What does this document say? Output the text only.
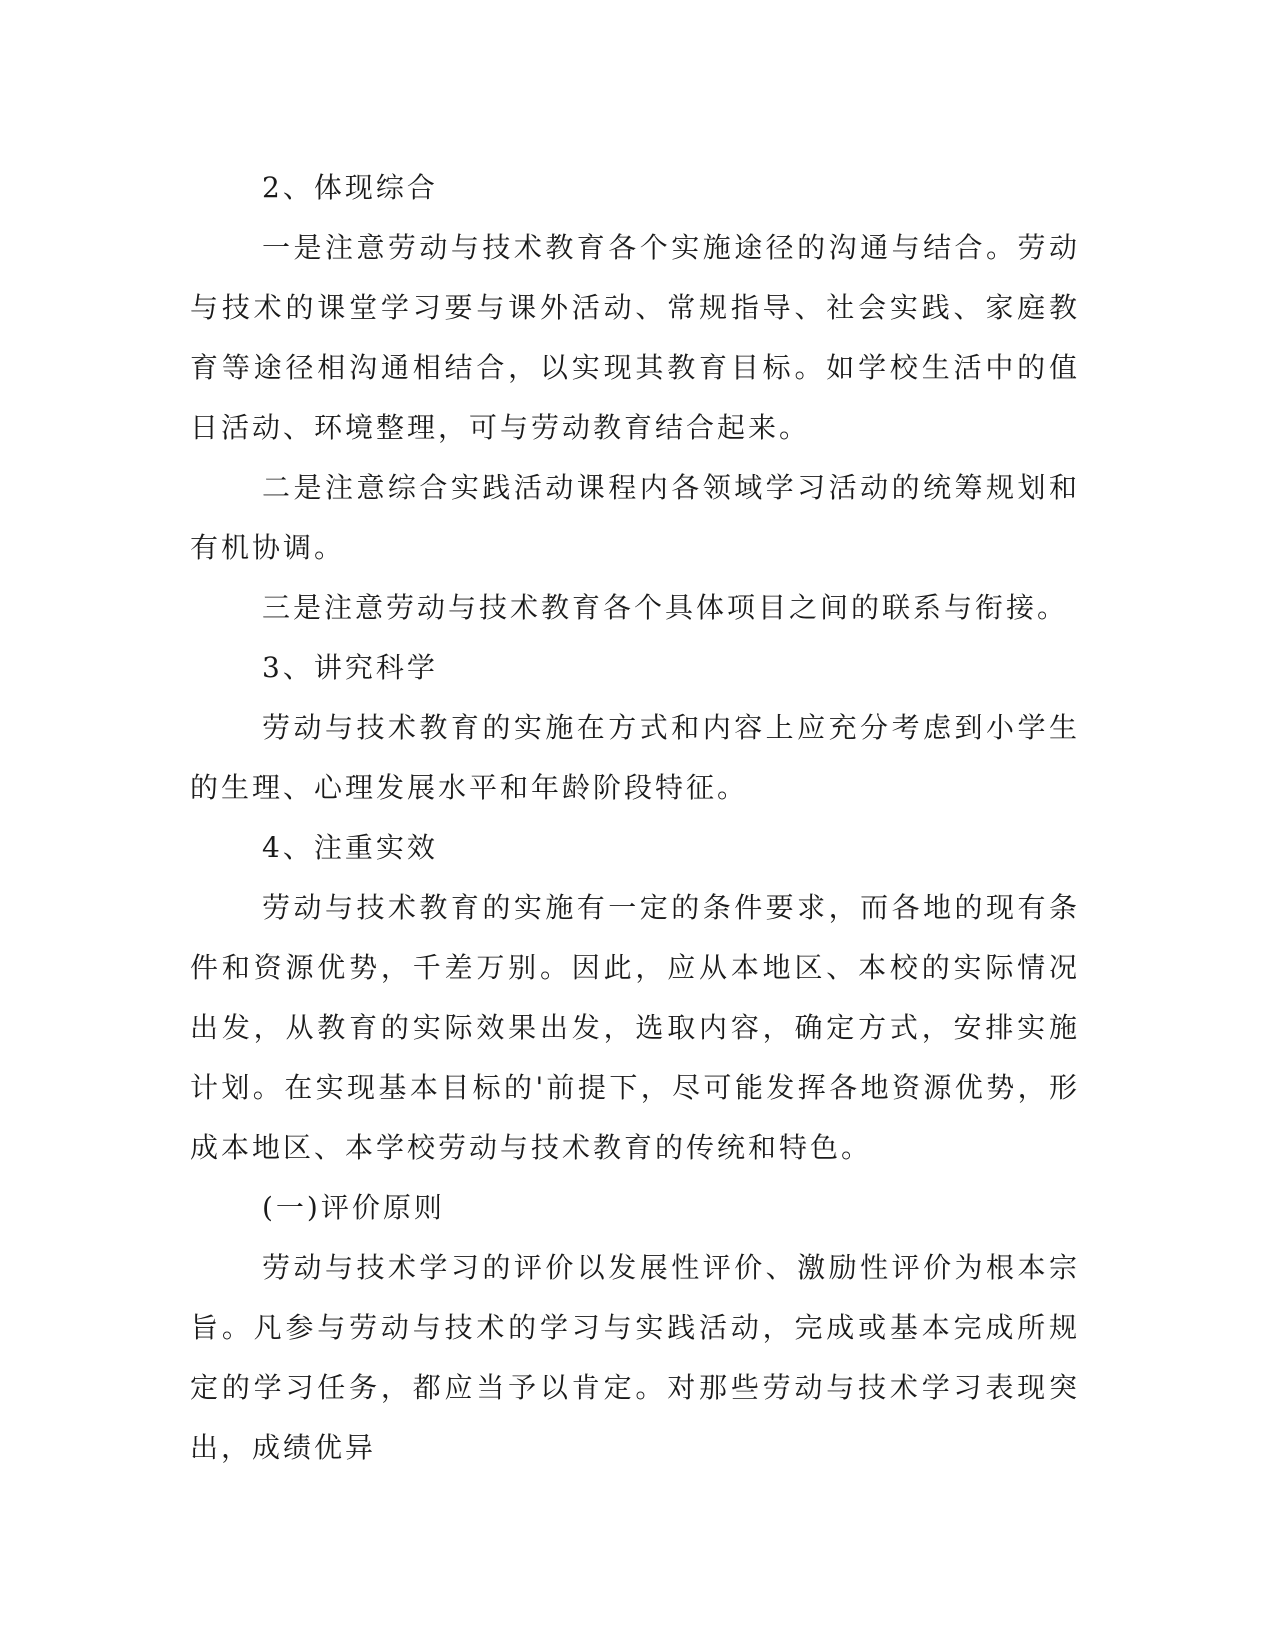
2、体现综合

一是注意劳动与技术教育各个实施途径的沟通与结合。劳动与技术的课堂学习要与课外活动、常规指导、社会实践、家庭教育等途径相沟通相结合，以实现其教育目标。如学校生活中的值日活动、环境整理，可与劳动教育结合起来。

二是注意综合实践活动课程内各领域学习活动的统筹规划和有机协调。

三是注意劳动与技术教育各个具体项目之间的联系与衔接。

3、讲究科学

劳动与技术教育的实施在方式和内容上应充分考虑到小学生的生理、心理发展水平和年龄阶段特征。

4、注重实效

劳动与技术教育的实施有一定的条件要求，而各地的现有条件和资源优势，千差万别。因此，应从本地区、本校的实际情况出发，从教育的实际效果出发，选取内容，确定方式，安排实施计划。在实现基本目标的'前提下，尽可能发挥各地资源优势，形成本地区、本学校劳动与技术教育的传统和特色。

(一)评价原则

劳动与技术学习的评价以发展性评价、激励性评价为根本宗旨。凡参与劳动与技术的学习与实践活动，完成或基本完成所规定的学习任务，都应当予以肯定。对那些劳动与技术学习表现突出，成绩优异
